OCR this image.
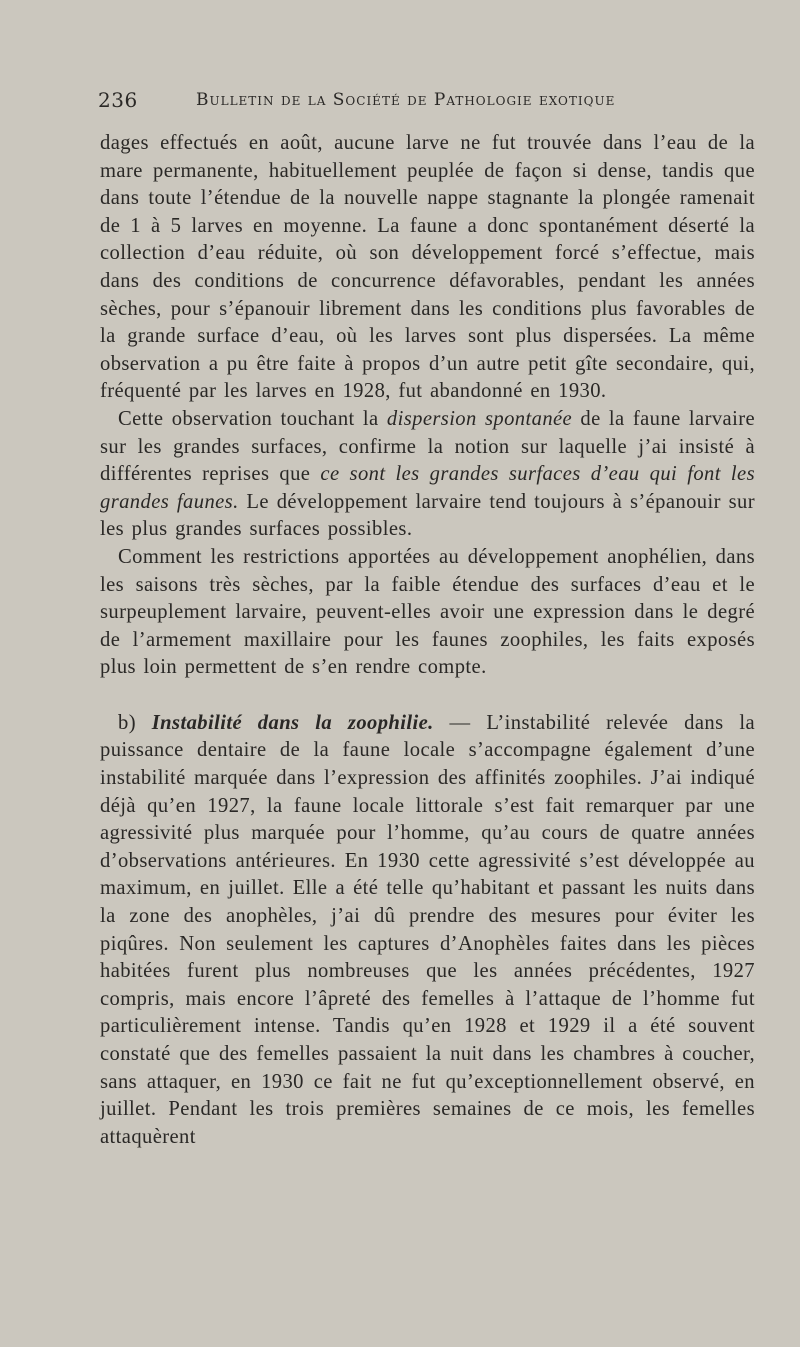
236	Bulletin de la Société de Pathologie exotique

dages effectués en août, aucune larve ne fut trouvée dans l’eau de la mare permanente, habituellement peuplée de façon si dense, tandis que dans toute l’étendue de la nouvelle nappe stagnante la plongée ramenait de 1 à 5 larves en moyenne. La faune a donc spontanément déserté la collection d’eau réduite, où son développement forcé s’effectue, mais dans des conditions de concurrence défavorables, pendant les années sèches, pour s’épanouir librement dans les conditions plus favorables de la grande surface d’eau, où les larves sont plus dispersées. La même observation a pu être faite à propos d’un autre petit gîte secondaire, qui, fréquenté par les larves en 1928, fut abandonné en 1930.

Cette observation touchant la dispersion spontanée de la faune larvaire sur les grandes surfaces, confirme la notion sur laquelle j’ai insisté à différentes reprises que ce sont les grandes surfaces d’eau qui font les grandes faunes. Le développement larvaire tend toujours à s’épanouir sur les plus grandes surfaces possibles.

Comment les restrictions apportées au développement anophélien, dans les saisons très sèches, par la faible étendue des surfaces d’eau et le surpeuplement larvaire, peuvent-elles avoir une expression dans le degré de l’armement maxillaire pour les faunes zoophiles, les faits exposés plus loin permettent de s’en rendre compte.

b) Instabilité dans la zoophilie. — L’instabilité relevée dans la puissance dentaire de la faune locale s’accompagne également d’une instabilité marquée dans l’expression des affinités zoophiles. J’ai indiqué déjà qu’en 1927, la faune locale littorale s’est fait remarquer par une agressivité plus marquée pour l’homme, qu’au cours de quatre années d’observations antérieures. En 1930 cette agressivité s’est développée au maximum, en juillet. Elle a été telle qu’habitant et passant les nuits dans la zone des anophèles, j’ai dû prendre des mesures pour éviter les piqûres. Non seulement les captures d’Anophèles faites dans les pièces habitées furent plus nombreuses que les années précédentes, 1927 compris, mais encore l’âpreté des femelles à l’attaque de l’homme fut particulièrement intense. Tandis qu’en 1928 et 1929 il a été souvent constaté que des femelles passaient la nuit dans les chambres à coucher, sans attaquer, en 1930 ce fait ne fut qu’exceptionnellement observé, en juillet. Pendant les trois premières semaines de ce mois, les femelles attaquèrent
